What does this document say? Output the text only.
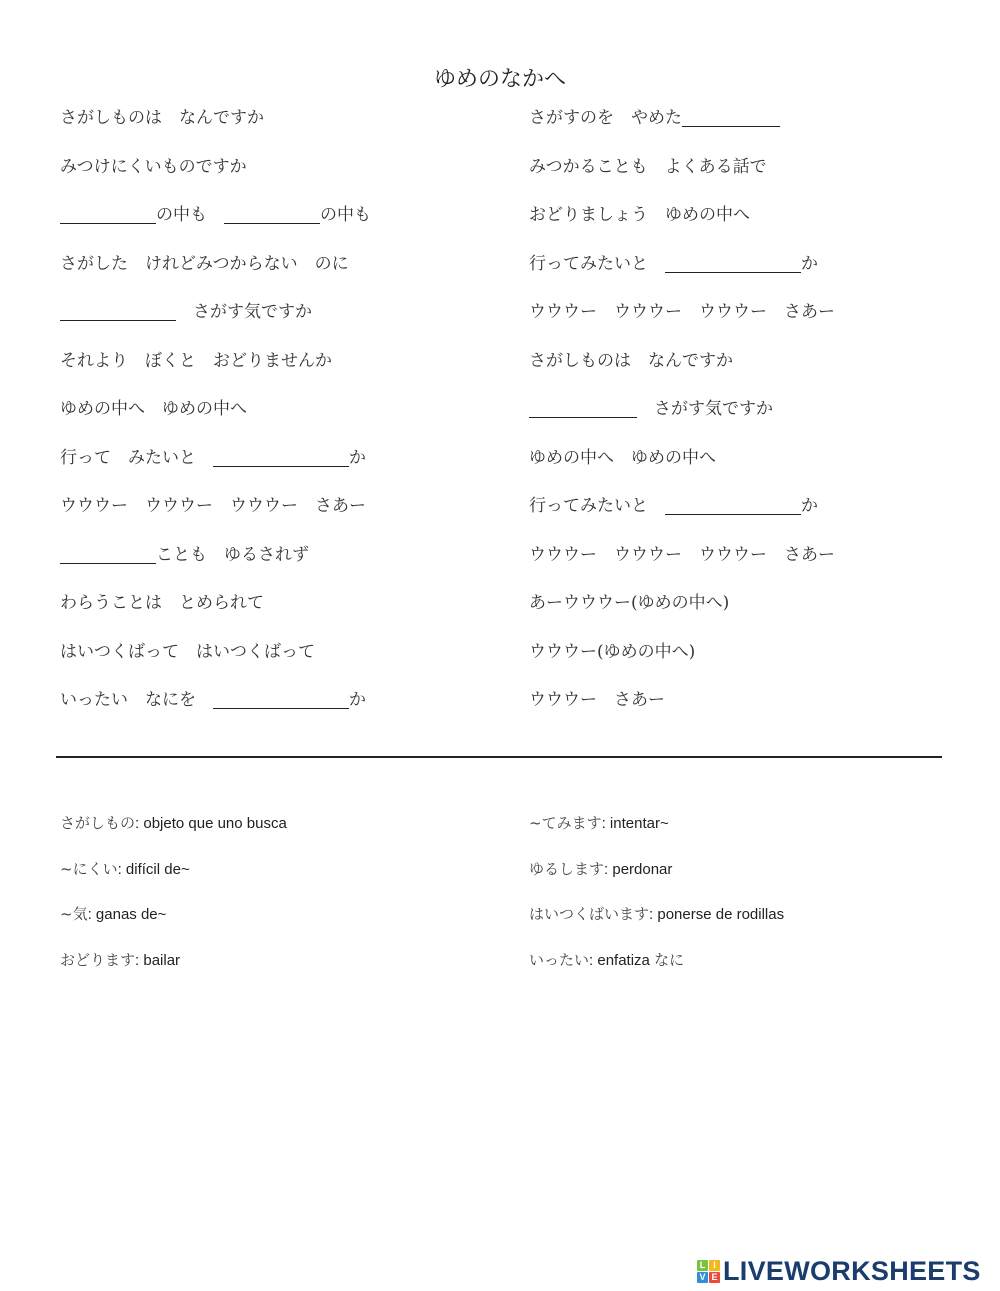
ゆめのなかへ
さがしものは　なんですか
みつけにくいものですか
の中も　	の中も
さがした　けれどみつからない　のに
　さがす気ですか
それより　ぼくと　おどりませんか
ゆめの中へ　ゆめの中へ
行って　みたいと　	か
ウウウー　ウウウー　ウウウー　さあー
ことも　ゆるされず
わらうことは　とめられて
はいつくばって　はいつくばって
いったい　なにを　	か
さがすのを　やめた
みつかることも　よくある話で
おどりましょう　ゆめの中へ
行ってみたいと　	か
ウウウー　ウウウー　ウウウー　さあー
さがしものは　なんですか
　さがす気ですか
ゆめの中へ　ゆめの中へ
行ってみたいと　	か
ウウウー　ウウウー　ウウウー　さあー
あーウウウー(ゆめの中へ)
ウウウー(ゆめの中へ)
ウウウー　さあー
さがしもの: objeto que uno busca
~にくい: difícil de~
~気: ganas de~
おどります: bailar
~てみます: intentar~
ゆるします: perdonar
はいつくばいます: ponerse de rodillas
いったい: enfatiza なに
L I
V E LIVEWORKSHEETS
